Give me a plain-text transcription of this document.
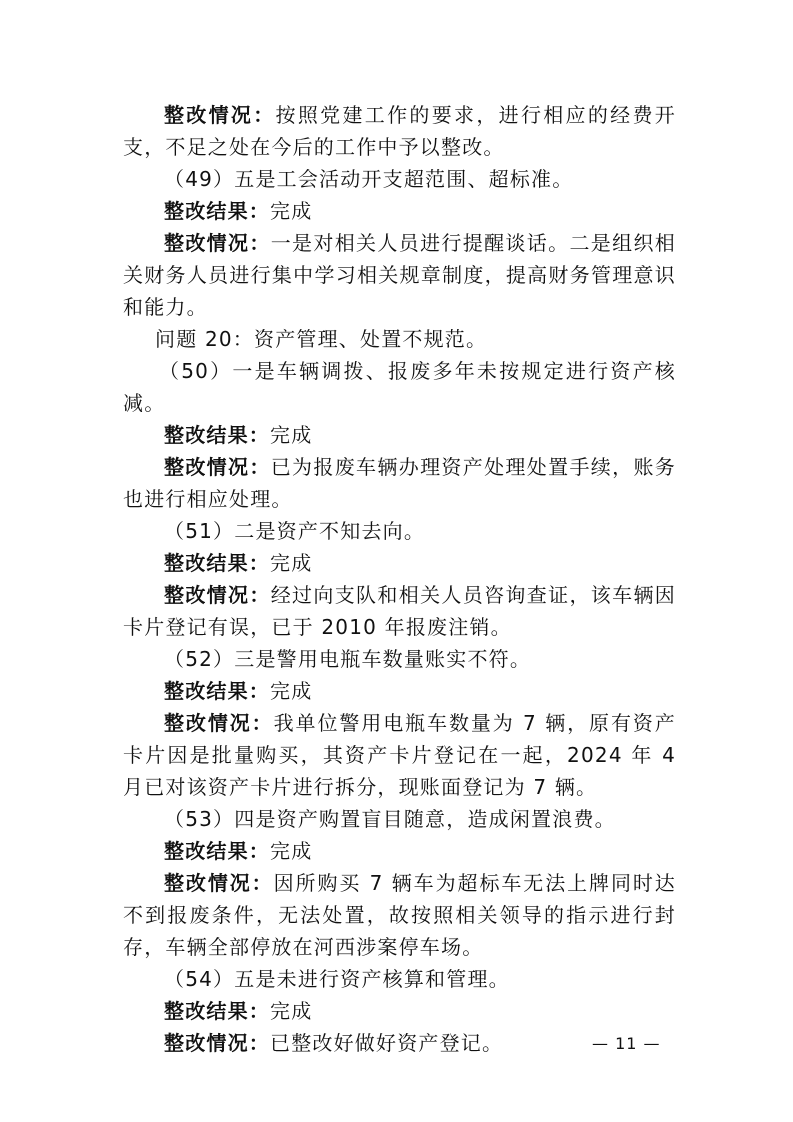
整改情况：按照党建工作的要求，进行相应的经费开支，不足之处在今后的工作中予以整改。

（49）五是工会活动开支超范围、超标准。

整改结果：完成

整改情况：一是对相关人员进行提醒谈话。二是组织相关财务人员进行集中学习相关规章制度，提高财务管理意识和能力。

问题 20：资产管理、处置不规范。

（50）一是车辆调拨、报废多年未按规定进行资产核减。

整改结果：完成

整改情况：已为报废车辆办理资产处理处置手续，账务也进行相应处理。

（51）二是资产不知去向。

整改结果：完成

整改情况：经过向支队和相关人员咨询查证，该车辆因卡片登记有误，已于 2010 年报废注销。

（52）三是警用电瓶车数量账实不符。

整改结果：完成

整改情况：我单位警用电瓶车数量为 7 辆，原有资产卡片因是批量购买，其资产卡片登记在一起，2024 年 4 月已对该资产卡片进行拆分，现账面登记为 7 辆。

（53）四是资产购置盲目随意，造成闲置浪费。

整改结果：完成

整改情况：因所购买 7 辆车为超标车无法上牌同时达不到报废条件，无法处置，故按照相关领导的指示进行封存，车辆全部停放在河西涉案停车场。

（54）五是未进行资产核算和管理。

整改结果：完成

整改情况：已整改好做好资产登记。	— 11 —
